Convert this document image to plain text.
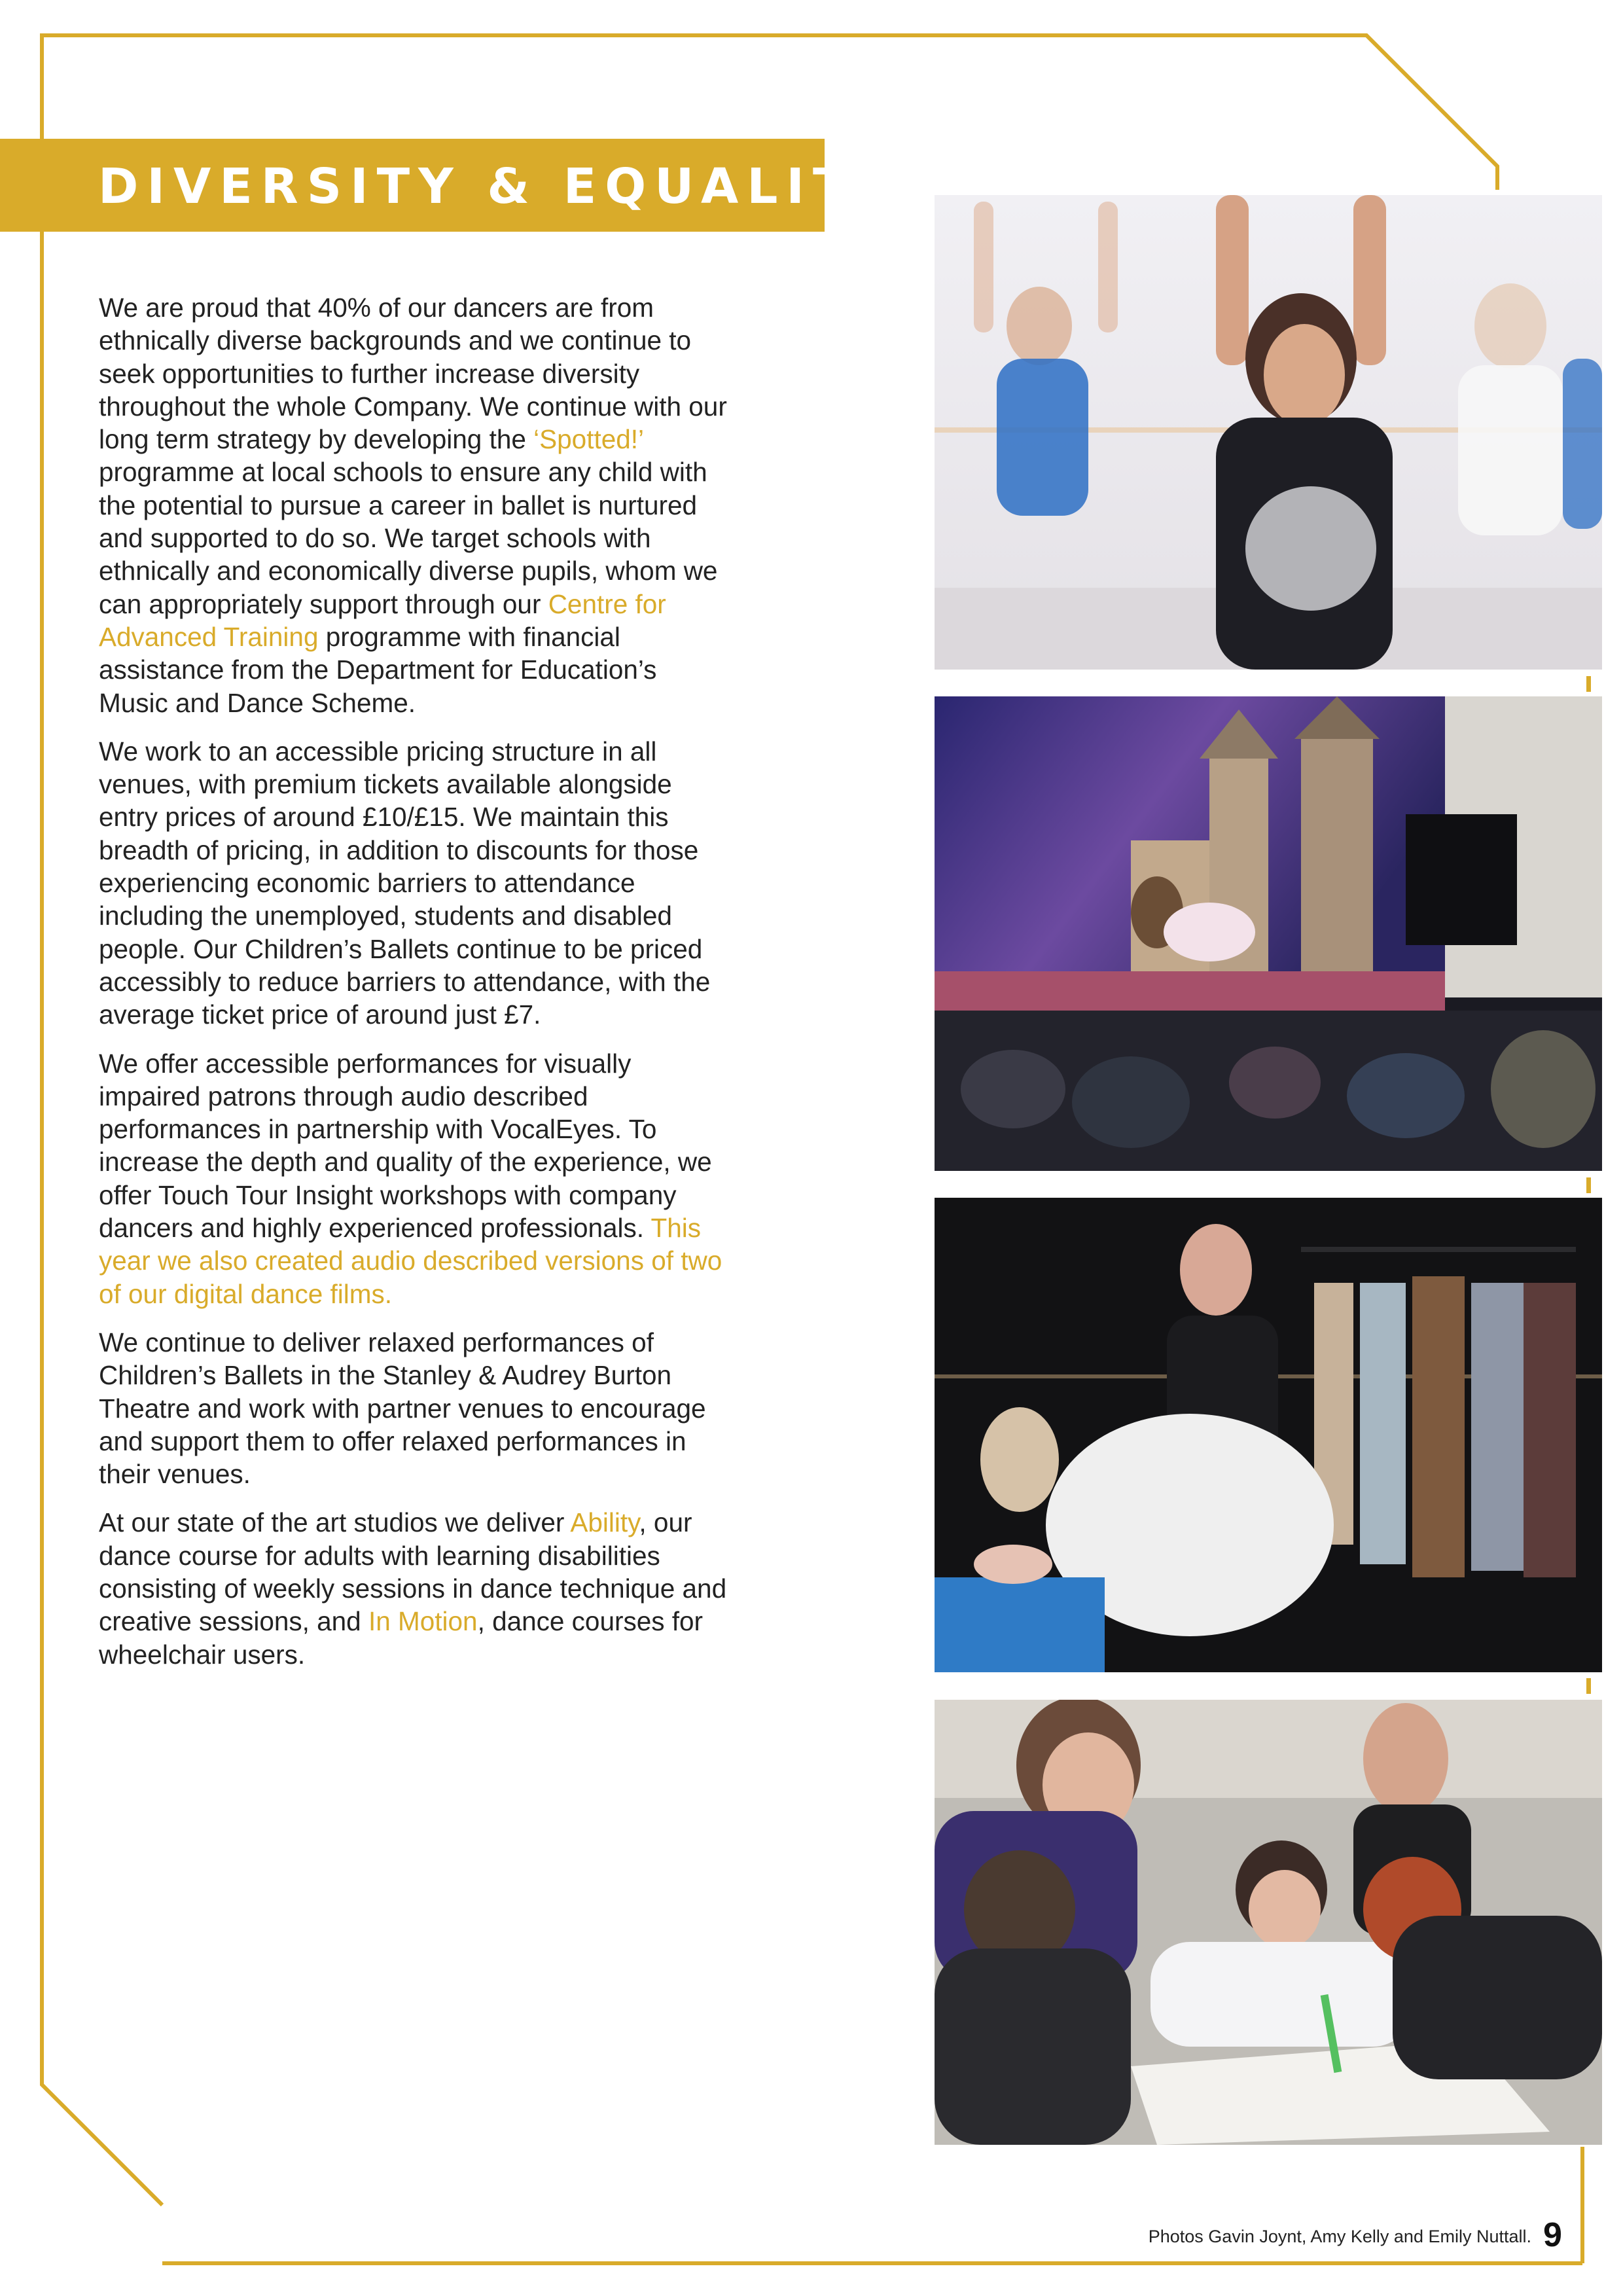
DIVERSITY & EQUALITY

We are proud that 40% of our dancers are from ethnically diverse backgrounds and we continue to seek opportunities to further increase diversity throughout the whole Company. We continue with our long term strategy by developing the ‘Spotted!’ programme at local schools to ensure any child with the potential to pursue a career in ballet is nurtured and supported to do so. We target schools with ethnically and economically diverse pupils, whom we can appropriately support through our Centre for Advanced Training programme with financial assistance from the Department for Education’s Music and Dance Scheme.

We work to an accessible pricing structure in all venues, with premium tickets available alongside entry prices of around £10/£15. We maintain this breadth of pricing, in addition to discounts for those experiencing economic barriers to attendance including the unemployed, students and disabled people. Our Children’s Ballets continue to be priced accessibly to reduce barriers to attendance, with the average ticket price of around just £7.

We offer accessible performances for visually impaired patrons through audio described performances in partnership with VocalEyes. To increase the depth and quality of the experience, we offer Touch Tour Insight workshops with company dancers and highly experienced professionals. This year we also created audio described versions of two of our digital dance films.

We continue to deliver relaxed performances of Children’s Ballets in the Stanley & Audrey Burton Theatre and work with partner venues to encourage and support them to offer relaxed performances in their venues.

At our state of the art studios we deliver Ability, our dance course for adults with learning disabilities consisting of weekly sessions in dance technique and creative sessions, and In Motion, dance courses for wheelchair users.

Photos Gavin Joynt, Amy Kelly and Emily Nuttall. 9
